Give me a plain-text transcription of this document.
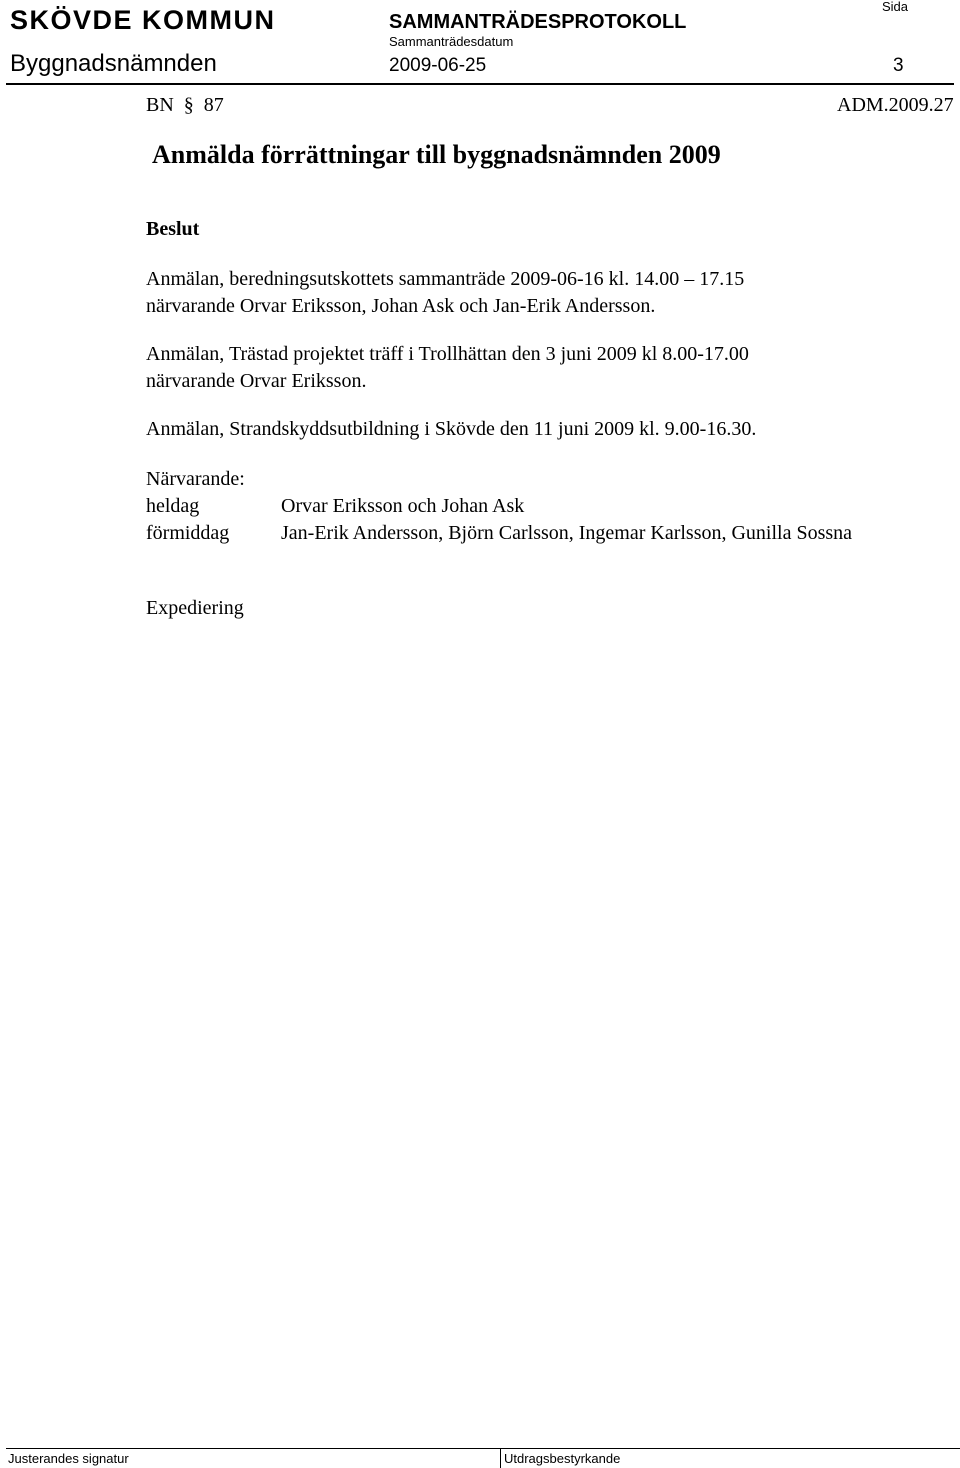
SKÖVDE KOMMUN	SAMMANTRÄDESPROTOKOLL
Sida
Sammanträdesdatum
Byggnadsnämnden	2009-06-25	3
BN § 87	ADM.2009.27
Anmälda förrättningar till byggnadsnämnden 2009
Beslut
Anmälan, beredningsutskottets sammanträde 2009-06-16 kl. 14.00 – 17.15
närvarande Orvar Eriksson, Johan Ask och Jan-Erik Andersson.
Anmälan, Trästad projektet träff i Trollhättan den 3 juni 2009 kl 8.00-17.00
närvarande Orvar Eriksson.
Anmälan, Strandskyddsutbildning i Skövde den 11 juni 2009 kl. 9.00-16.30.
Närvarande:
heldag	Orvar Eriksson och Johan Ask
förmiddag	Jan-Erik Andersson, Björn Carlsson, Ingemar Karlsson, Gunilla Sossna
Expediering
Justerandes signatur	Utdragsbestyrkande
